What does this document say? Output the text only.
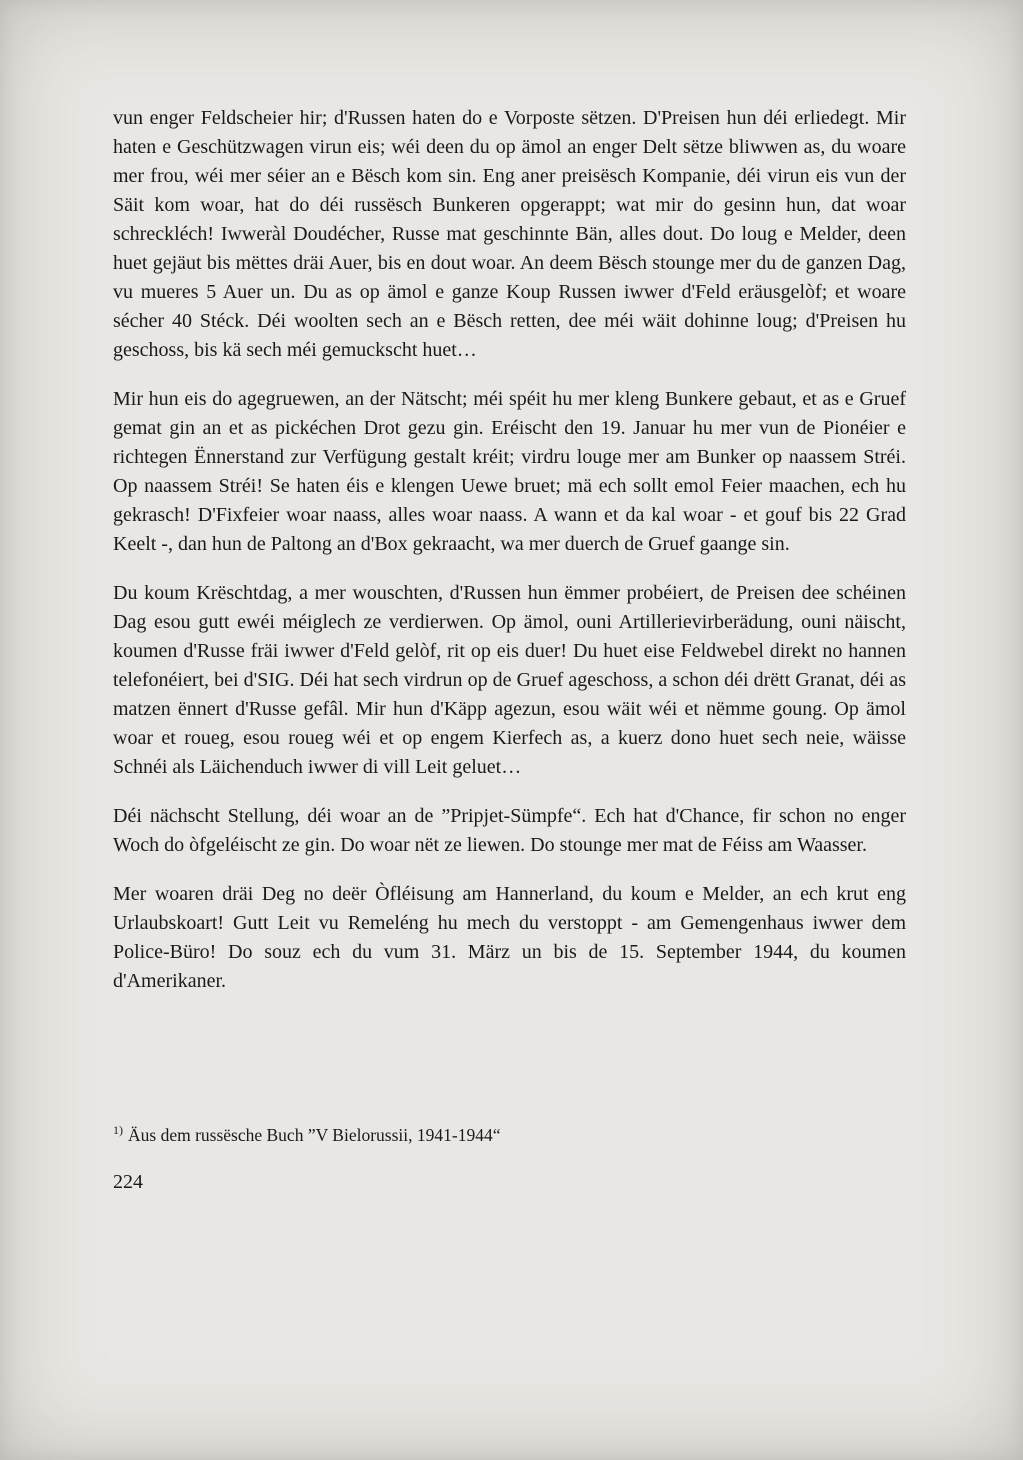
vun enger Feldscheier hir; d'Russen haten do e Vorposte sëtzen. D'Preisen hun déi erliedegt. Mir haten e Geschützwagen virun eis; wéi deen du op ämol an enger Delt sëtze bliwwen as, du woare mer frou, wéi mer séier an e Bësch kom sin. Eng aner preisësch Kompanie, déi virun eis vun der Säit kom woar, hat do déi russësch Bunkeren opgerappt; wat mir do gesinn hun, dat woar schreckléch! Iwweràl Doudécher, Russe mat geschinnte Bän, alles dout. Do loug e Melder, deen huet gejäut bis mëttes dräi Auer, bis en dout woar. An deem Bësch stounge mer du de ganzen Dag, vu mueres 5 Auer un. Du as op ämol e ganze Koup Russen iwwer d'Feld eräusgelòf; et woare sécher 40 Stéck. Déi woolten sech an e Bësch retten, dee méi wäit dohinne loug; d'Preisen hu geschoss, bis kä sech méi gemuckscht huet…

Mir hun eis do agegruewen, an der Nätscht; méi spéit hu mer kleng Bunkere gebaut, et as e Gruef gemat gin an et as pickéchen Drot gezu gin. Eréischt den 19. Januar hu mer vun de Pionéier e richtegen Ënnerstand zur Verfügung gestalt kréit; virdru louge mer am Bunker op naassem Stréi. Op naassem Stréi! Se haten éis e klengen Uewe bruet; mä ech sollt emol Feier maachen, ech hu gekrasch! D'Fixfeier woar naass, alles woar naass. A wann et da kal woar - et gouf bis 22 Grad Keelt -, dan hun de Paltong an d'Box gekraacht, wa mer duerch de Gruef gaange sin.

Du koum Krëschtdag, a mer wouschten, d'Russen hun ëmmer probéiert, de Preisen dee schéinen Dag esou gutt ewéi méiglech ze verdierwen. Op ämol, ouni Artillerievirberädung, ouni näischt, koumen d'Russe fräi iwwer d'Feld gelòf, rit op eis duer! Du huet eise Feldwebel direkt no hannen telefonéiert, bei d'SIG. Déi hat sech virdrun op de Gruef ageschoss, a schon déi drëtt Granat, déi as matzen ënnert d'Russe gefâl. Mir hun d'Käpp agezun, esou wäit wéi et nëmme goung. Op ämol woar et roueg, esou roueg wéi et op engem Kierfech as, a kuerz dono huet sech neie, wäisse Schnéi als Läichenduch iwwer di vill Leit geluet…

Déi nächscht Stellung, déi woar an de ”Pripjet-Sümpfe“. Ech hat d'Chance, fir schon no enger Woch do òfgeléischt ze gin. Do woar nët ze liewen. Do stounge mer mat de Féiss am Waasser.

Mer woaren dräi Deg no deër Òfléisung am Hannerland, du koum e Melder, an ech krut eng Urlaubskoart! Gutt Leit vu Remeléng hu mech du verstoppt - am Gemengenhaus iwwer dem Police-Büro! Do souz ech du vum 31. März un bis de 15. September 1944, du koumen d'Amerikaner.

$^{1)}$ Äus dem russësche Buch ”V Bielorussii, 1941-1944“
224
